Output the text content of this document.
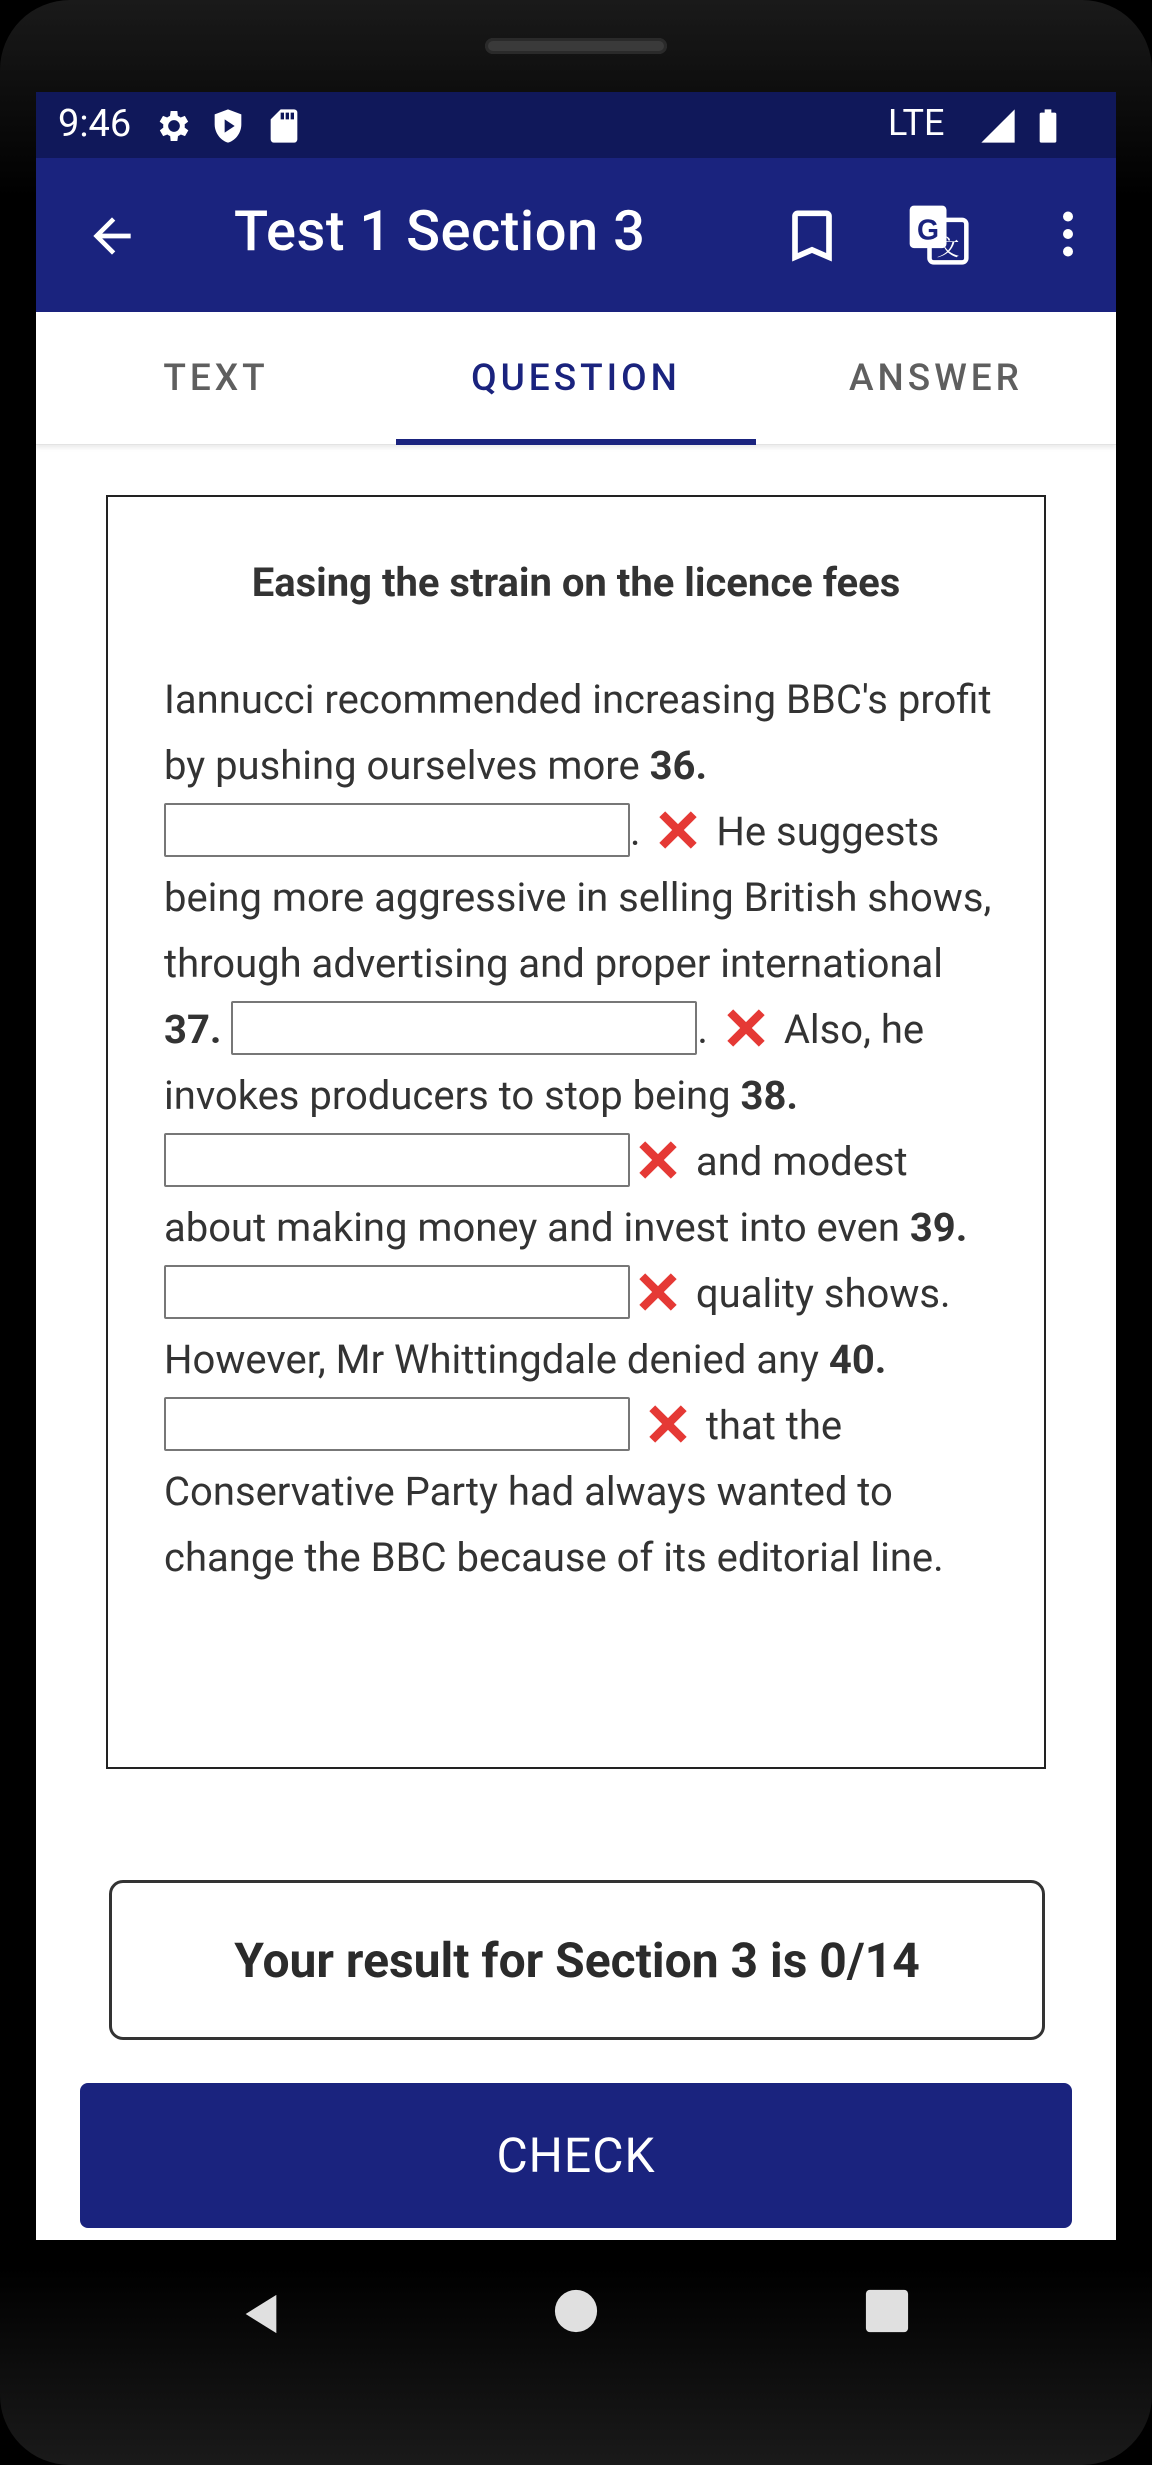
9:46	LTE
Test 1 Section 3	G
文
TEXT	QUESTION	ANSWER
Easing the strain on the licence fees
Iannucci recommended increasing BBC's profit by pushing ourselves more 36. .  He suggests being more aggressive in selling British shows, through advertising and proper international 37.	.  Also, he invokes producers to stop being 38.  and modest about making money and invest into even 39.  quality shows. However, Mr Whittingdale denied any 40.   that the Conservative Party had always wanted to change the BBC because of its editorial line.
Your result for Section 3 is 0/14
CHECK
